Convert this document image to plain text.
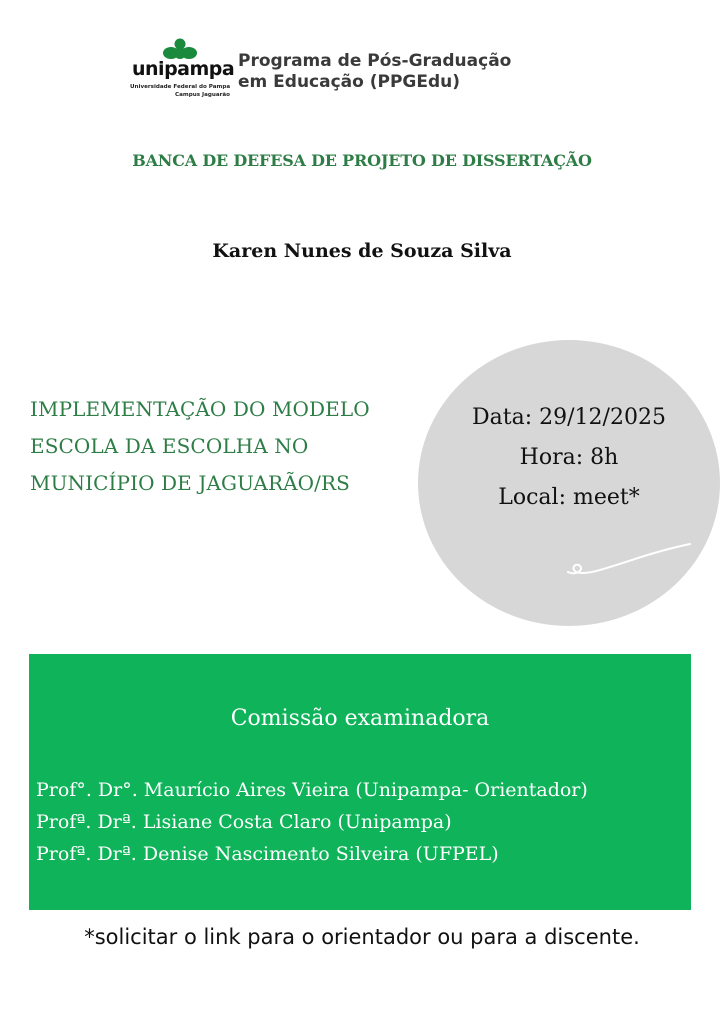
unipampa
Universidade Federal do Pampa
Campus Jaguarão
Programa de Pós-Graduação
em Educação (PPGEdu)
BANCA DE DEFESA DE PROJETO DE DISSERTAÇÃO
Karen Nunes de Souza Silva
IMPLEMENTAÇÃO DO MODELO ESCOLA DA ESCOLHA NO MUNICÍPIO DE JAGUARÃO/RS
Data: 29/12/2025
Hora: 8h
Local: meet*
Comissão examinadora
Prof°. Dr°. Maurício Aires Vieira (Unipampa- Orientador)
Profª. Drª. Lisiane Costa Claro (Unipampa)
Profª. Drª. Denise Nascimento Silveira (UFPEL)
*solicitar o link para o orientador ou para a discente.
